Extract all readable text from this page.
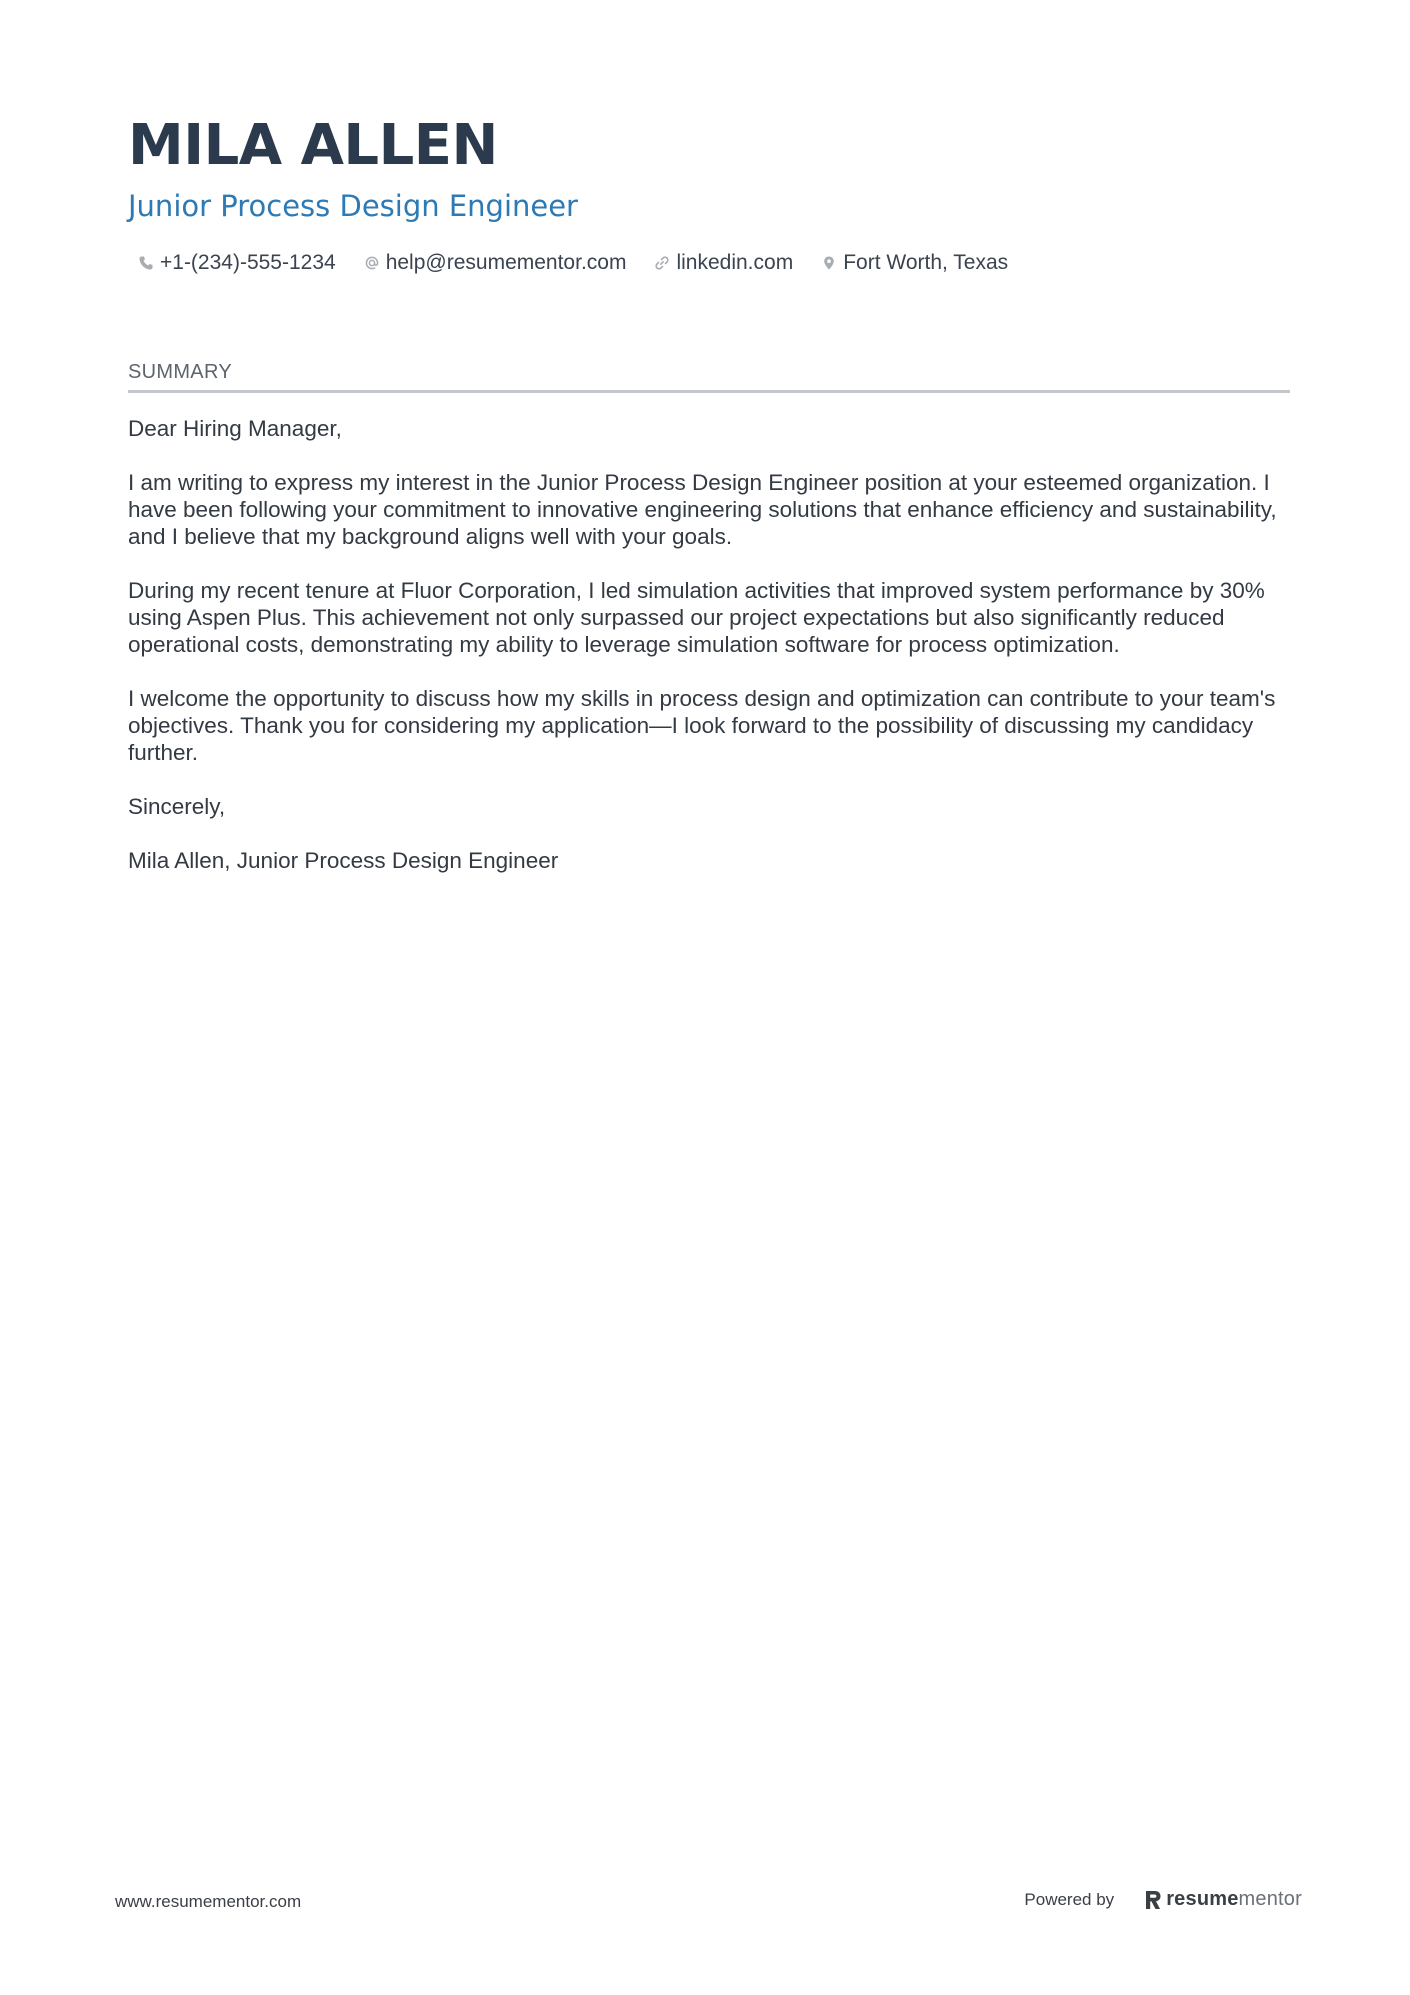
MILA ALLEN
Junior Process Design Engineer
+1-(234)-555-1234 help@resumementor.com linkedin.com Fort Worth, Texas
SUMMARY

Dear Hiring Manager,

I am writing to express my interest in the Junior Process Design Engineer position at your esteemed organization. I have been following your commitment to innovative engineering solutions that enhance efficiency and sustainability, and I believe that my background aligns well with your goals.

During my recent tenure at Fluor Corporation, I led simulation activities that improved system performance by 30% using Aspen Plus. This achievement not only surpassed our project expectations but also significantly reduced operational costs, demonstrating my ability to leverage simulation software for process optimization.

I welcome the opportunity to discuss how my skills in process design and optimization can contribute to your team's objectives. Thank you for considering my application—I look forward to the possibility of discussing my candidacy further.

Sincerely,

Mila Allen, Junior Process Design Engineer

www.resumementor.com	Powered by	resume mentor
